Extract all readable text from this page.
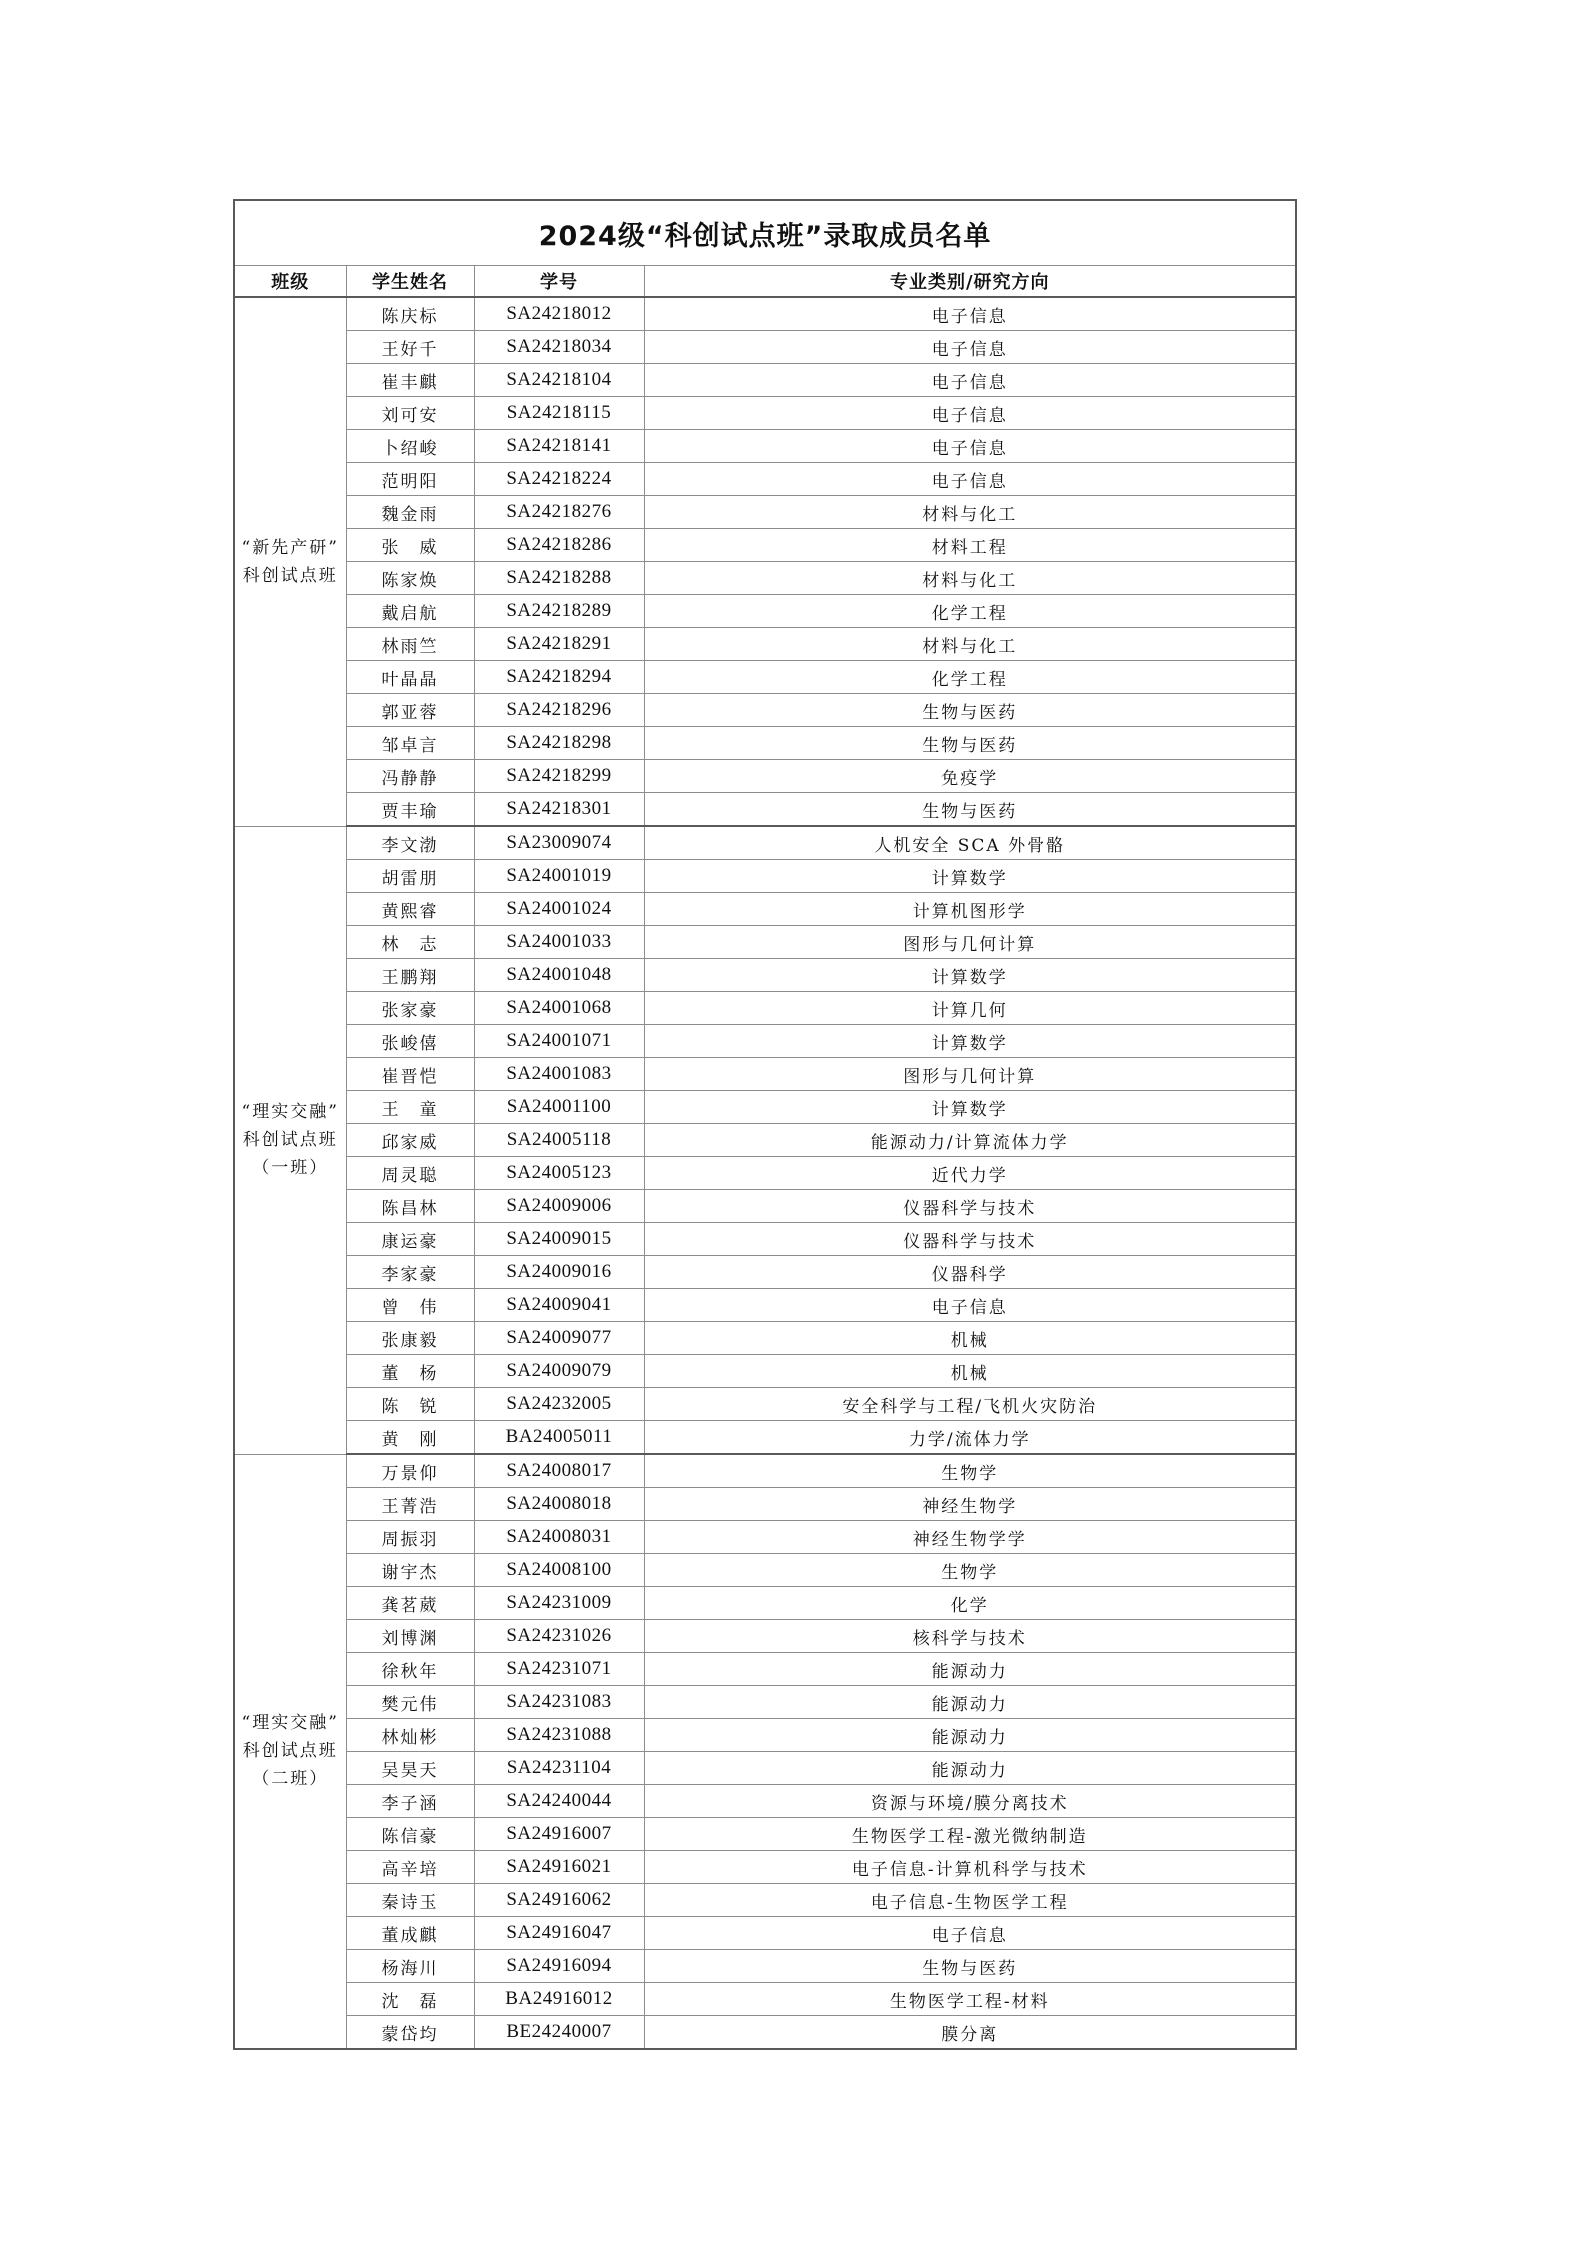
2024级“科创试点班”录取成员名单			
班级	学生姓名	学号	专业类别/研究方向

“新先产研”
科创试点班	陈庆标	SA24218012	电子信息
	王好千	SA24218034	电子信息
	崔丰麒	SA24218104	电子信息
	刘可安	SA24218115	电子信息
	卜绍峻	SA24218141	电子信息
	范明阳	SA24218224	电子信息
	魏金雨	SA24218276	材料与化工
	张　威	SA24218286	材料工程
	陈家焕	SA24218288	材料与化工
	戴启航	SA24218289	化学工程
	林雨竺	SA24218291	材料与化工
	叶晶晶	SA24218294	化学工程
	郭亚蓉	SA24218296	生物与医药
	邹卓言	SA24218298	生物与医药
	冯静静	SA24218299	免疫学
	贾丰瑜	SA24218301	生物与医药

“理实交融”
科创试点班
（一班）	李文渤	SA23009074	人机安全 SCA 外骨骼
	胡雷朋	SA24001019	计算数学
	黄熙睿	SA24001024	计算机图形学
	林　志	SA24001033	图形与几何计算
	王鹏翔	SA24001048	计算数学
	张家豪	SA24001068	计算几何
	张峻僖	SA24001071	计算数学
	崔晋恺	SA24001083	图形与几何计算
	王　童	SA24001100	计算数学
	邱家威	SA24005118	能源动力/计算流体力学
	周灵聪	SA24005123	近代力学
	陈昌林	SA24009006	仪器科学与技术
	康运豪	SA24009015	仪器科学与技术
	李家豪	SA24009016	仪器科学
	曾　伟	SA24009041	电子信息
	张康毅	SA24009077	机械
	董　杨	SA24009079	机械
	陈　锐	SA24232005	安全科学与工程/飞机火灾防治
	黄　刚	BA24005011	力学/流体力学

“理实交融”
科创试点班
（二班）	万景仰	SA24008017	生物学
	王菁浩	SA24008018	神经生物学
	周振羽	SA24008031	神经生物学学
	谢宇杰	SA24008100	生物学
	龚茗葳	SA24231009	化学
	刘博渊	SA24231026	核科学与技术
	徐秋年	SA24231071	能源动力
	樊元伟	SA24231083	能源动力
	林灿彬	SA24231088	能源动力
	吴昊天	SA24231104	能源动力
	李子涵	SA24240044	资源与环境/膜分离技术
	陈信豪	SA24916007	生物医学工程-激光微纳制造
	高辛培	SA24916021	电子信息-计算机科学与技术
	秦诗玉	SA24916062	电子信息-生物医学工程
	董成麒	SA24916047	电子信息
	杨海川	SA24916094	生物与医药
	沈　磊	BA24916012	生物医学工程-材料
	蒙岱均	BE24240007	膜分离
